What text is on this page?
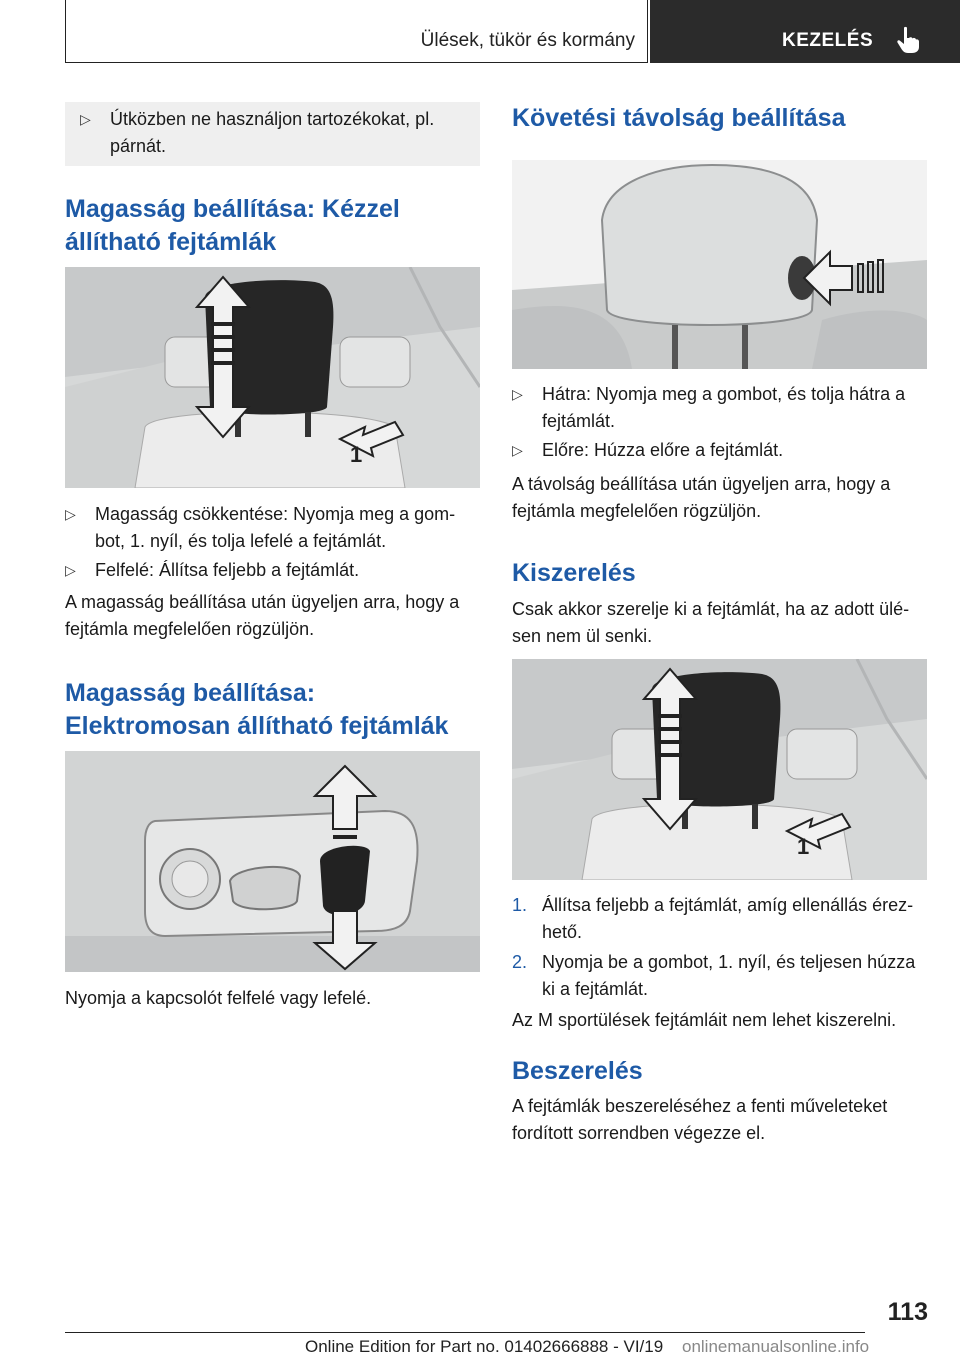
Ülések, tükör és kormány	KEZELÉS
▷ Útközben ne használjon tartozékokat, pl. párnát.
Magasság beállítása: Kézzel állítható fejtámlák
1
▷ Magasság csökkentése: Nyomja meg a gom-bot, 1. nyíl, és tolja lefelé a fejtámlát.
▷ Felfelé: Állítsa feljebb a fejtámlát.

A magasság beállítása után ügyeljen arra, hogy a fejtámla megfelelően rögzüljön.

Magasság beállítása: Elektromosan állítható fejtámlák

Nyomja a kapcsolót felfelé vagy lefelé.

Követési távolság beállítása
▷ Hátra: Nyomja meg a gombot, és tolja hátra a fejtámlát.
▷ Előre: Húzza előre a fejtámlát.

A távolság beállítása után ügyeljen arra, hogy a fejtámla megfelelően rögzüljön.

Kiszerelés

Csak akkor szerelje ki a fejtámlát, ha az adott ülé-sen nem ül senki.

1
1. Állítsa feljebb a fejtámlát, amíg ellenállás érez-hető.
2. Nyomja be a gombot, 1. nyíl, és teljesen húzza ki a fejtámlát.

Az M sportülések fejtámláit nem lehet kiszerelni.

Beszerelés

A fejtámlák beszereléséhez a fenti műveleteket fordított sorrendben végezze el.

113
Online Edition for Part no. 01402666888 - VI/19 onlinemanualsonline.info
